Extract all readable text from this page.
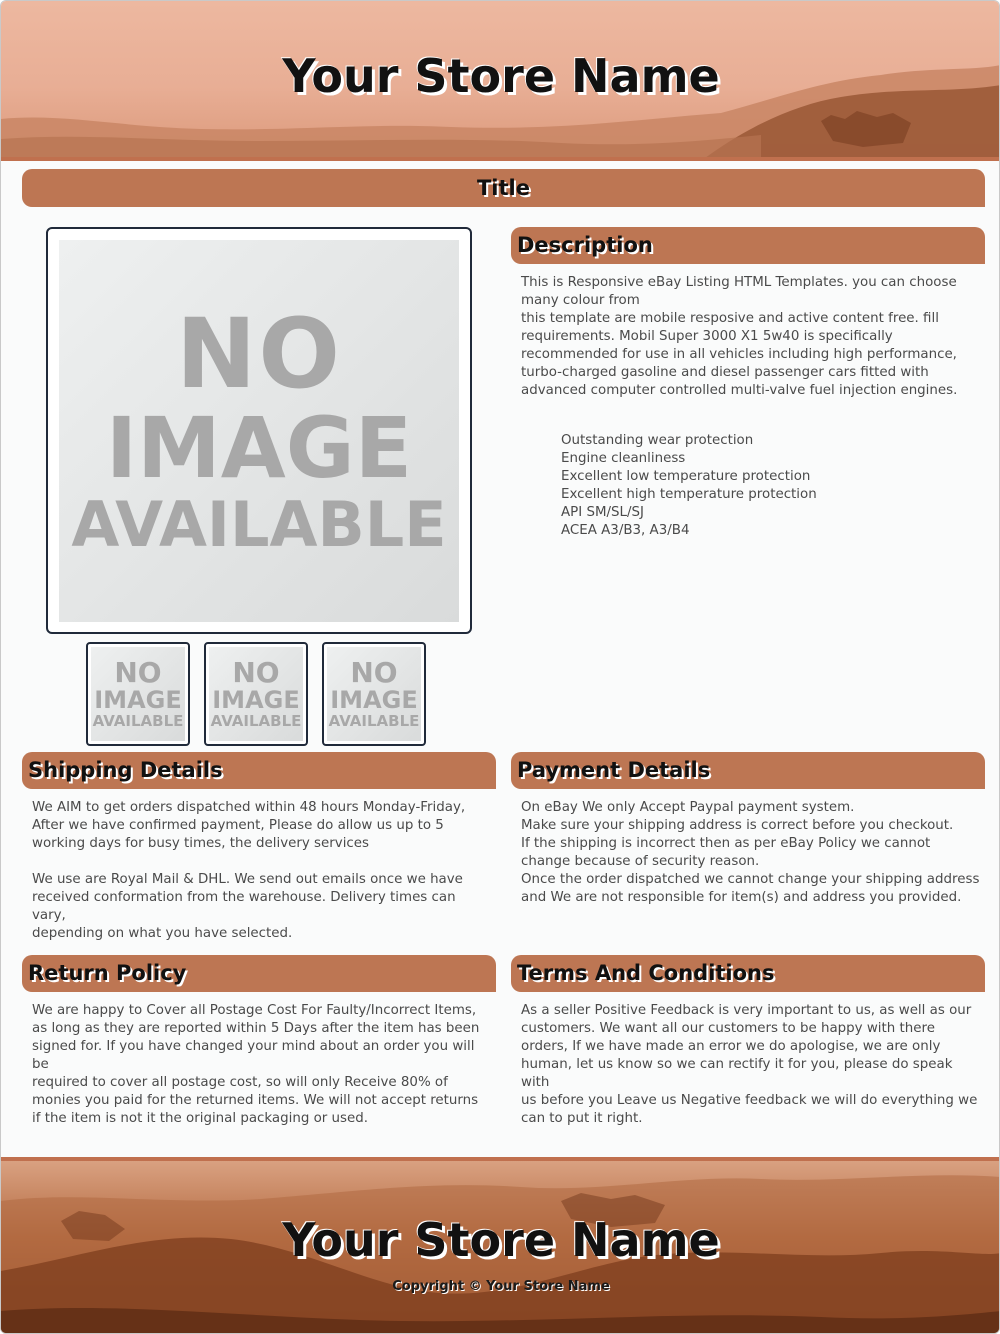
Your Store Name
Title
NO
IMAGE
AVAILABLE
NO
IMAGE
AVAILABLE
NO
IMAGE
AVAILABLE
NO
IMAGE
AVAILABLE
Description

This is Responsive eBay Listing HTML Templates. you can choose

many colour from

this template are mobile resposive and active content free. fill

requirements. Mobil Super 3000 X1 5w40 is specifically

recommended for use in all vehicles including high performance,

turbo-charged gasoline and diesel passenger cars fitted with

advanced computer controlled multi-valve fuel injection engines.

Outstanding wear protection
Engine cleanliness
Excellent low temperature protection
Excellent high temperature protection
API SM/SL/SJ
ACEA A3/B3, A3/B4
Shipping Details

We AIM to get orders dispatched within 48 hours Monday-Friday,

After we have confirmed payment, Please do allow us up to 5

working days for busy times, the delivery services

We use are Royal Mail & DHL. We send out emails once we have

received conformation from the warehouse. Delivery times can vary,

depending on what you have selected.

Payment Details

On eBay We only Accept Paypal payment system.

Make sure your shipping address is correct before you checkout.

If the shipping is incorrect then as per eBay Policy we cannot

change because of security reason.

Once the order dispatched we cannot change your shipping address

and We are not responsible for item(s) and address you provided.

Return Policy

We are happy to Cover all Postage Cost For Faulty/Incorrect Items,

as long as they are reported within 5 Days after the item has been

signed for. If you have changed your mind about an order you will be

required to cover all postage cost, so will only Receive 80% of

monies you paid for the returned items. We will not accept returns

if the item is not it the original packaging or used.

Terms And Conditions

As a seller Positive Feedback is very important to us, as well as our

customers. We want all our customers to be happy with there

orders, If we have made an error we do apologise, we are only

human, let us know so we can rectify it for you, please do speak with

us before you Leave us Negative feedback we will do everything we

can to put it right.

Your Store Name
Copyright © Your Store Name
